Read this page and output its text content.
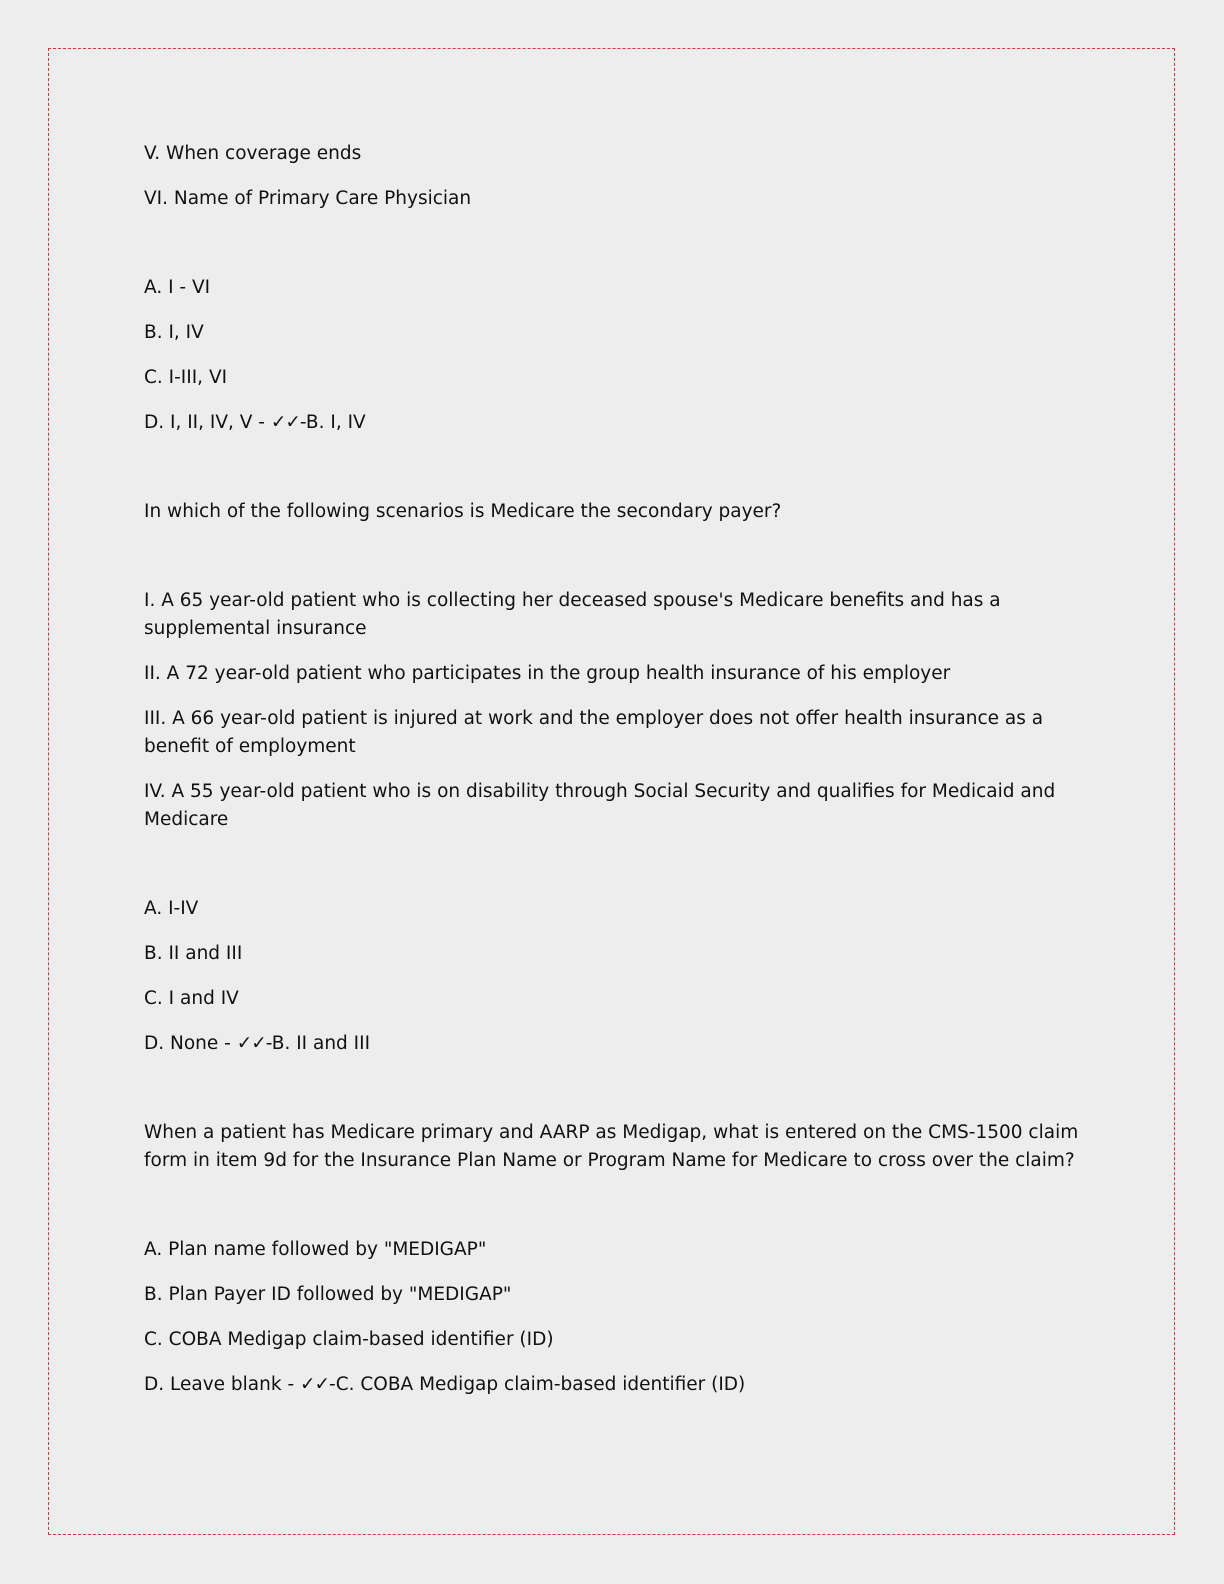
V. When coverage ends

VI. Name of Primary Care Physician

A. I - VI

B. I, IV

C. I-III, VI

D. I, II, IV, V - ✓✓-B. I, IV

In which of the following scenarios is Medicare the secondary payer?

I. A 65 year-old patient who is collecting her deceased spouse's Medicare benefits and has a supplemental insurance

II. A 72 year-old patient who participates in the group health insurance of his employer

III. A 66 year-old patient is injured at work and the employer does not offer health insurance as a benefit of employment

IV. A 55 year-old patient who is on disability through Social Security and qualifies for Medicaid and Medicare

A. I-IV

B. II and III

C. I and IV

D. None - ✓✓-B. II and III

When a patient has Medicare primary and AARP as Medigap, what is entered on the CMS-1500 claim form in item 9d for the Insurance Plan Name or Program Name for Medicare to cross over the claim?

A. Plan name followed by "MEDIGAP"

B. Plan Payer ID followed by "MEDIGAP"

C. COBA Medigap claim-based identifier (ID)

D. Leave blank - ✓✓-C. COBA Medigap claim-based identifier (ID)
